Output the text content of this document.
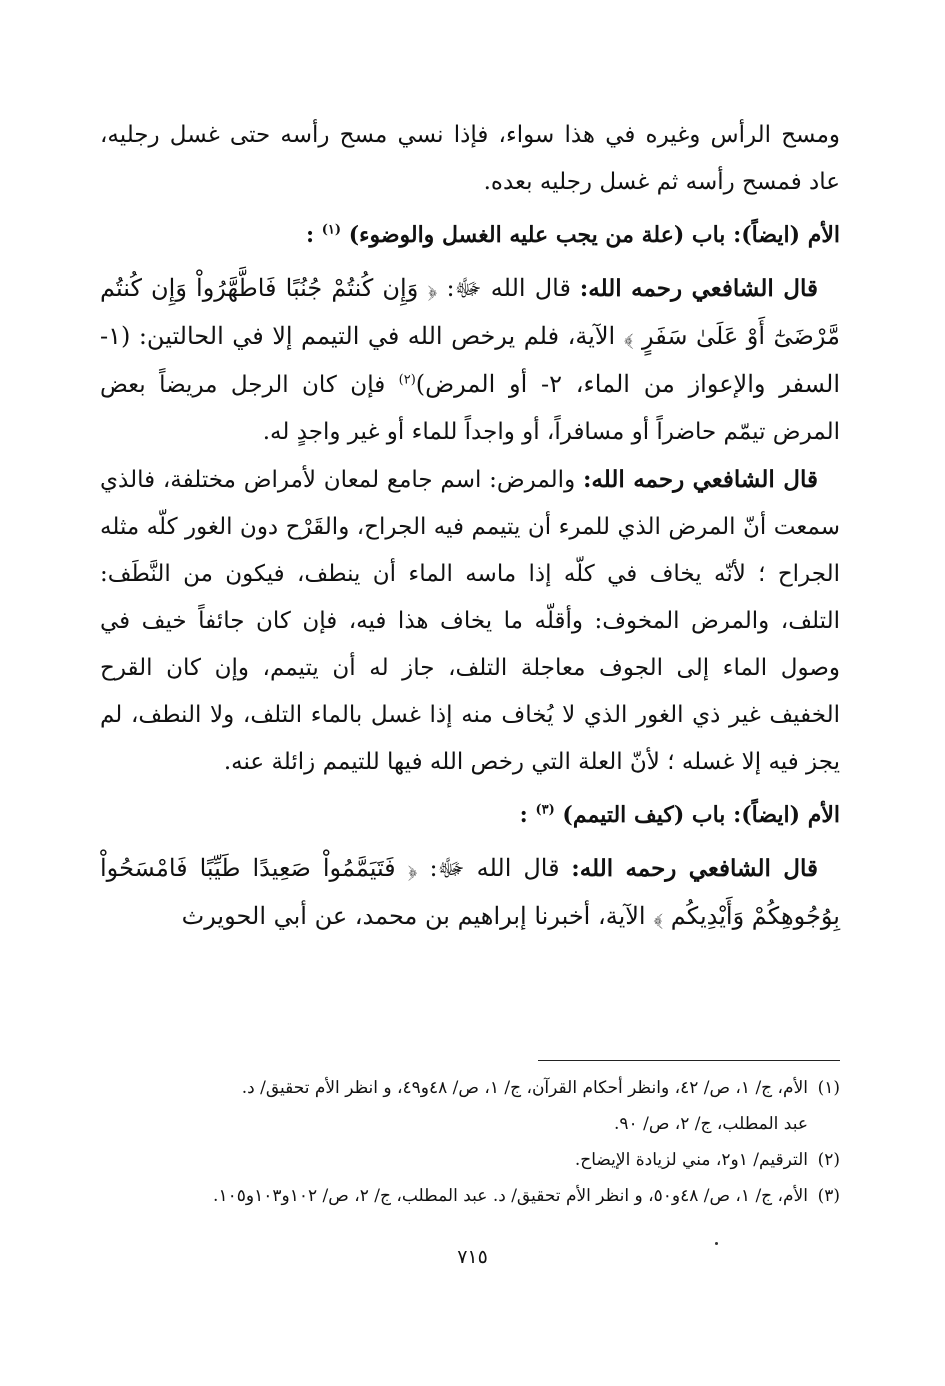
ومسح الرأس وغيره في هذا سواء، فإذا نسي مسح رأسه حتى غسل رجليه، عاد فمسح رأسه ثم غسل رجليه بعده.

الأم (ايضاً): باب (علة من يجب عليه الغسل والوضوء) $^{(١)}$ :

قال الشافعي رحمه الله: قال الله ﷻ: ﴿ وَإِن كُنتُمْ جُنُبًا فَاطَّهَّرُواْ وَإِن كُنتُم مَّرْضَىٰٓ أَوْ عَلَىٰ سَفَرٍ ﴾ الآية، فلم يرخص الله في التيمم إلا في الحالتين: (١- السفر والإعواز من الماء، ٢- أو المرض)$^{(٢)}$ فإن كان الرجل مريضاً بعض المرض تيمّم حاضراً أو مسافراً، أو واجداً للماء أو غير واجدٍ له.

قال الشافعي رحمه الله: والمرض: اسم جامع لمعان لأمراض مختلفة، فالذي سمعت أنّ المرض الذي للمرء أن يتيمم فيه الجراح، والقَرْح دون الغور كلّه مثله الجراح ؛ لأنّه يخاف في كلّه إذا ماسه الماء أن ينطف، فيكون من النَّطَف: التلف، والمرض المخوف: وأقلّه ما يخاف هذا فيه، فإن كان جائفاً خيف في وصول الماء إلى الجوف معاجلة التلف، جاز له أن يتيمم، وإن كان القرح الخفيف غير ذي الغور الذي لا يُخاف منه إذا غسل بالماء التلف، ولا النطف، لم يجز فيه إلا غسله ؛ لأنّ العلة التي رخص الله فيها للتيمم زائلة عنه.

الأم (ايضاً): باب (كيف التيمم) $^{(٣)}$ :

قال الشافعي رحمه الله: قال الله ﷻ: ﴿ فَتَيَمَّمُواْ صَعِيدًا طَيِّبًا فَامْسَحُواْ بِوُجُوهِكُمْ وَأَيْدِيكُم ﴾ الآية، أخبرنا إبراهيم بن محمد، عن أبي الحويرث

(١)الأم، ج/ ١، ص/ ٤٢، وانظر أحكام القرآن، ج/ ١، ص/ ٤٨و٤٩، و انظر الأم تحقيق/ د.

عبد المطلب، ج/ ٢، ص/ ٩٠.

(٢)الترقيم/ ١و٢، مني لزيادة الإيضاح.

(٣)الأم، ج/ ١، ص/ ٤٨و٥٠، و انظر الأم تحقيق/ د. عبد المطلب، ج/ ٢، ص/ ١٠٢و١٠٣و١٠٥.

٧١٥
